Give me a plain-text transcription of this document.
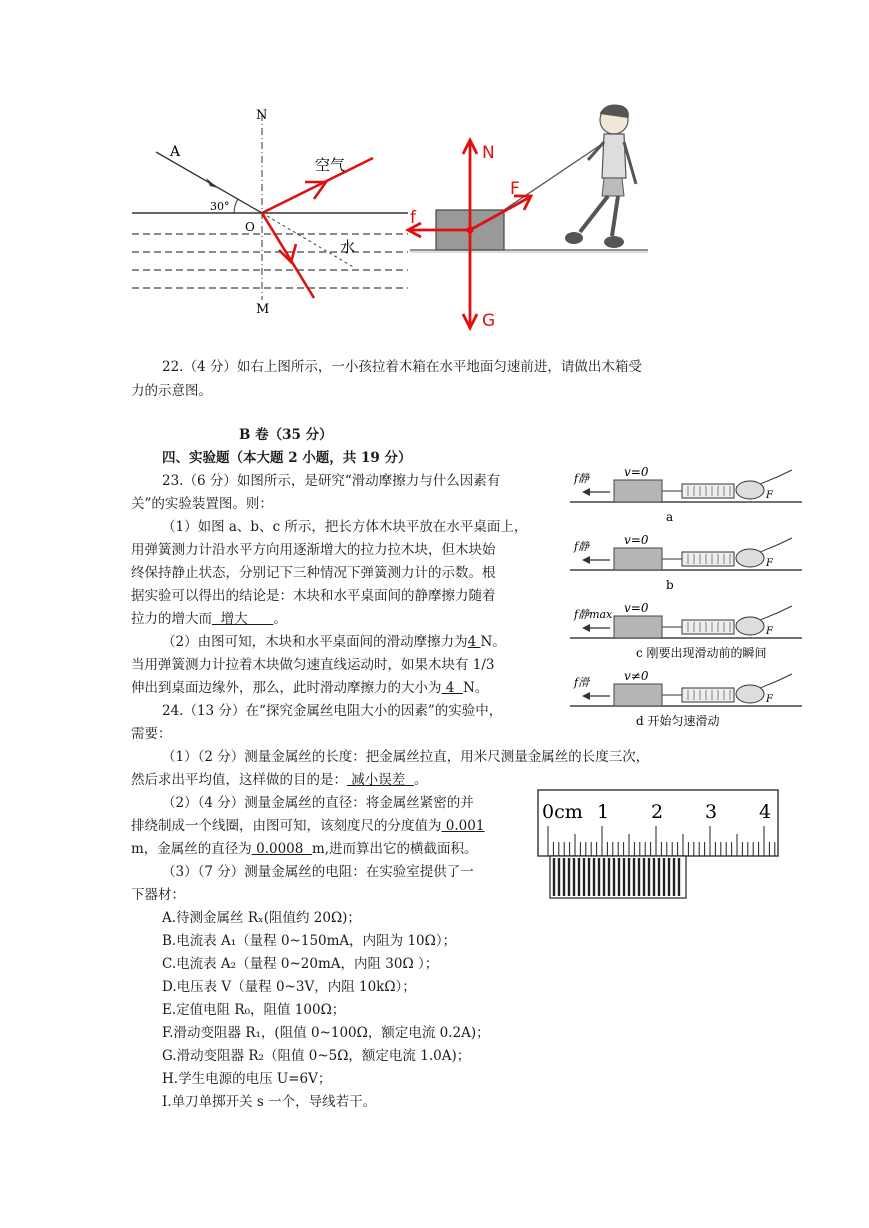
N
A
空气
30°
O
水
M
N
F
f
G
22.（4 分）如右上图所示，一小孩拉着木箱在水平地面匀速前进，请做出木箱受
力的示意图。
B 卷（35 分）
四、实验题（本大题 2 小题，共 19 分）
23.（6 分）如图所示，是研究“滑动摩擦力与什么因素有
关”的实验装置图。则：
（1）如图 a、b、c 所示，把长方体木块平放在水平桌面上，
用弹簧测力计沿水平方向用逐渐增大的拉力拉木块，但木块始
终保持静止状态，分别记下三种情况下弹簧测力计的示数。根
据实验可以得出的结论是：木块和水平桌面间的静摩擦力随着
拉力的增大而  增大      。
（2）由图可知，木块和水平桌面间的滑动摩擦力为4 N。
当用弹簧测力计拉着木块做匀速直线运动时，如果木块有 1/3
伸出到桌面边缘外，那么，此时滑动摩擦力的大小为 4  N。
f静	v=0
F
a
f静	v=0
F
b
f静max v=0
F
c 刚要出现滑动前的瞬间
f滑	v≠0
F
d 开始匀速滑动
24.（13 分）在“探究金属丝电阻大小的因素”的实验中，
需要：
（1）（2 分）测量金属丝的长度：把金属丝拉直，用米尺测量金属丝的长度三次，
然后求出平均值，这样做的目的是： 减小误差  。
（2）（4 分）测量金属丝的直径：将金属丝紧密的并
排绕制成一个线圈，由图可知，该刻度尺的分度值为 0.001
m，金属丝的直径为 0.0008  m,进而算出它的横截面积。
（3）（7 分）测量金属丝的电阻：在实验室提供了一
下器材：
A.待测金属丝 Rₓ(阻值约 20Ω)；
B.电流表 A₁（量程 0~150mA，内阻为 10Ω）；
C.电流表 A₂（量程 0~20mA，内阻 30Ω ）；
D.电压表 V（量程 0~3V，内阻 10kΩ）；
E.定值电阻 R₀，阻值 100Ω；
F.滑动变阻器 R₁，(阻值 0~100Ω，额定电流 0.2A)；
G.滑动变阻器 R₂（阻值 0~5Ω，额定电流 1.0A)；
H.学生电源的电压 U=6V；
I.单刀单掷开关 s 一个，导线若干。
0cm 1 2 3 4
